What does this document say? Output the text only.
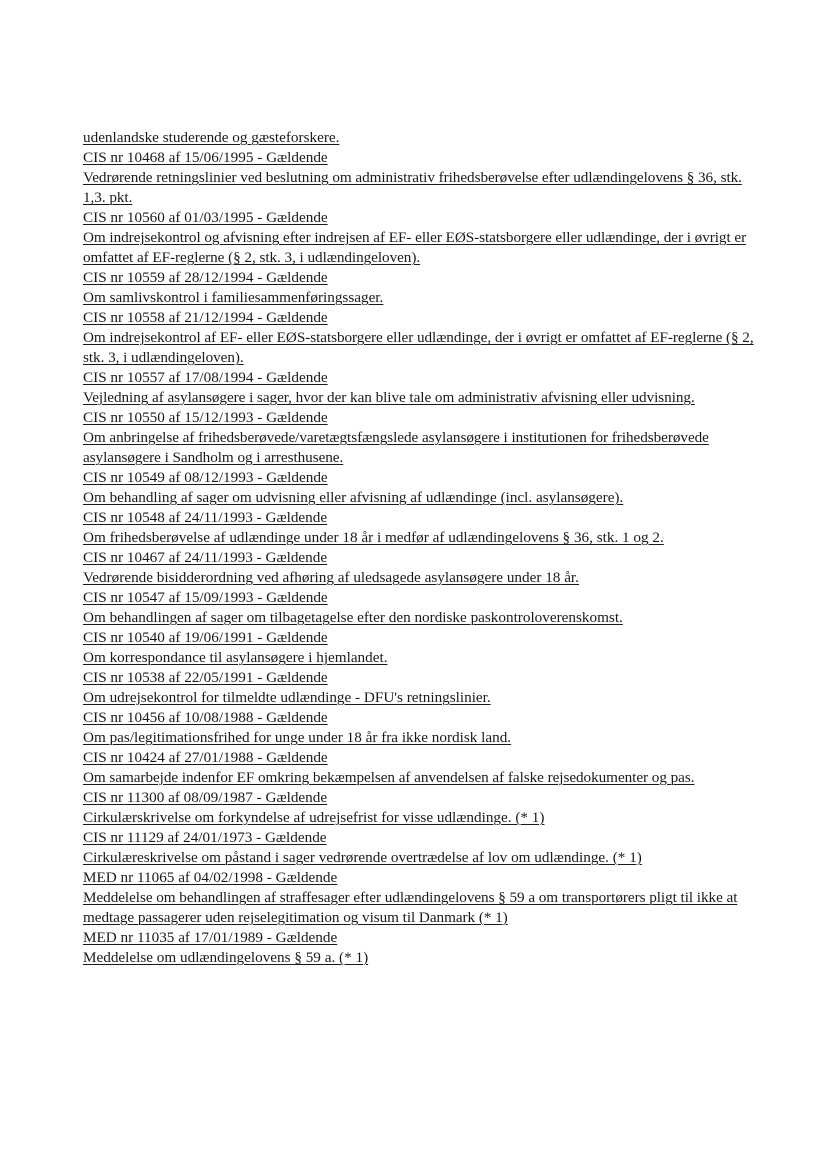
udenlandske studerende og gæsteforskere.
CIS nr 10468 af 15/06/1995 - Gældende
Vedrørende retningslinier ved beslutning om administrativ frihedsberøvelse efter udlændingelovens § 36, stk. 1,3. pkt.
CIS nr 10560 af 01/03/1995 - Gældende
Om indrejsekontrol og afvisning efter indrejsen af EF- eller EØS-statsborgere eller udlændinge, der i øvrigt er omfattet af EF-reglerne (§ 2, stk. 3, i udlændingeloven).
CIS nr 10559 af 28/12/1994 - Gældende
Om samlivskontrol i familiesammenføringssager.
CIS nr 10558 af 21/12/1994 - Gældende
Om indrejsekontrol af EF- eller EØS-statsborgere eller udlændinge, der i øvrigt er omfattet af EF-reglerne (§ 2, stk. 3, i udlændingeloven).
CIS nr 10557 af 17/08/1994 - Gældende
Vejledning af asylansøgere i sager, hvor der kan blive tale om administrativ afvisning eller udvisning.
CIS nr 10550 af 15/12/1993 - Gældende
Om anbringelse af frihedsberøvede/varetægtsfængslede asylansøgere i institutionen for frihedsberøvede asylansøgere i Sandholm og i arresthusene.
CIS nr 10549 af 08/12/1993 - Gældende
Om behandling af sager om udvisning eller afvisning af udlændinge (incl. asylansøgere).
CIS nr 10548 af 24/11/1993 - Gældende
Om frihedsberøvelse af udlændinge under 18 år i medfør af udlændingelovens § 36, stk. 1 og 2.
CIS nr 10467 af 24/11/1993 - Gældende
Vedrørende bisidderordning ved afhøring af uledsagede asylansøgere under 18 år.
CIS nr 10547 af 15/09/1993 - Gældende
Om behandlingen af sager om tilbagetagelse efter den nordiske paskontroloverenskomst.
CIS nr 10540 af 19/06/1991 - Gældende
Om korrespondance til asylansøgere i hjemlandet.
CIS nr 10538 af 22/05/1991 - Gældende
Om udrejsekontrol for tilmeldte udlændinge - DFU's retningslinier.
CIS nr 10456 af 10/08/1988 - Gældende
Om pas/legitimationsfrihed for unge under 18 år fra ikke nordisk land.
CIS nr 10424 af 27/01/1988 - Gældende
Om samarbejde indenfor EF omkring bekæmpelsen af anvendelsen af falske rejsedokumenter og pas.
CIS nr 11300 af 08/09/1987 - Gældende
Cirkulærskrivelse om forkyndelse af udrejsefrist for visse udlændinge. (* 1)
CIS nr 11129 af 24/01/1973 - Gældende
Cirkulæreskrivelse om påstand i sager vedrørende overtrædelse af lov om udlændinge. (* 1)
MED nr 11065 af 04/02/1998 - Gældende
Meddelelse om behandlingen af straffesager efter udlændingelovens § 59 a om transportørers pligt til ikke at medtage passagerer uden rejselegitimation og visum til Danmark (* 1)
MED nr 11035 af 17/01/1989 - Gældende
Meddelelse om udlændingelovens § 59 a. (* 1)
